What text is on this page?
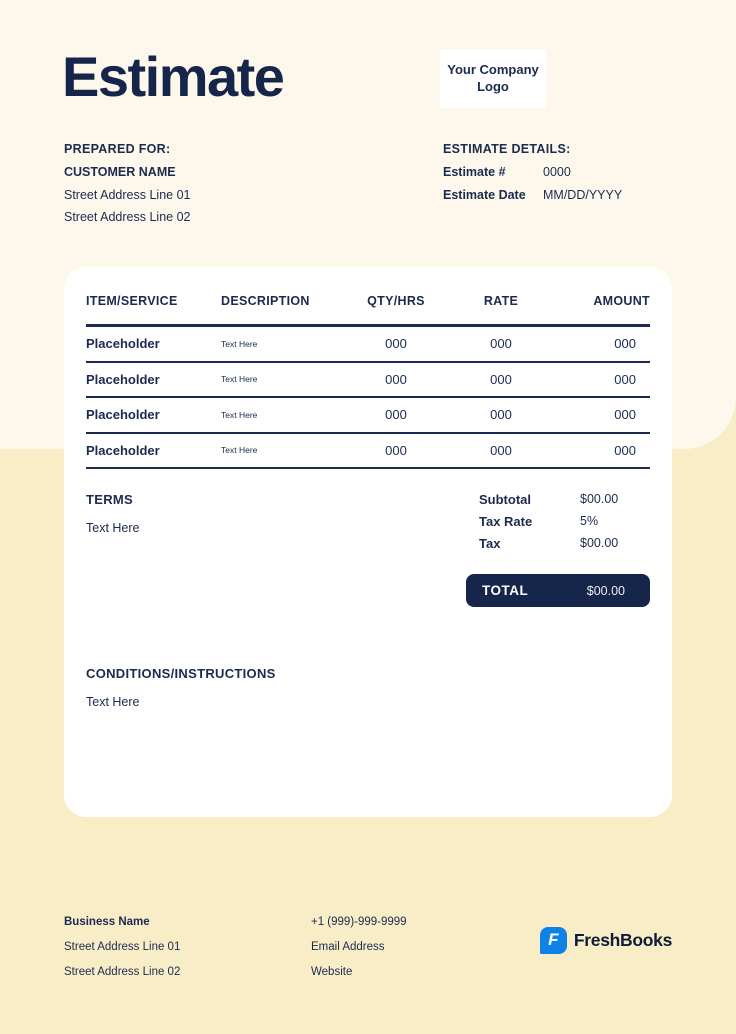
Estimate	Your Company
Logo
PREPARED FOR:
CUSTOMER NAME
Street Address Line 01
Street Address Line 02
ESTIMATE DETAILS:
Estimate #	0000
Estimate Date	MM/DD/YYYY
ITEM/SERVICE	DESCRIPTION	QTY/HRS	RATE	AMOUNT
Placeholder	Text Here	000	000	000
Placeholder	Text Here	000	000	000
Placeholder	Text Here	000	000	000
Placeholder	Text Here	000	000	000
TERMS
Text Here
Subtotal	$00.00
Tax Rate	5%
Tax	$00.00
TOTAL	$00.00
CONDITIONS/INSTRUCTIONS
Text Here
Business Name
Street Address Line 01
Street Address Line 02
+1 (999)-999-9999
Email Address
Website
F FreshBooks
